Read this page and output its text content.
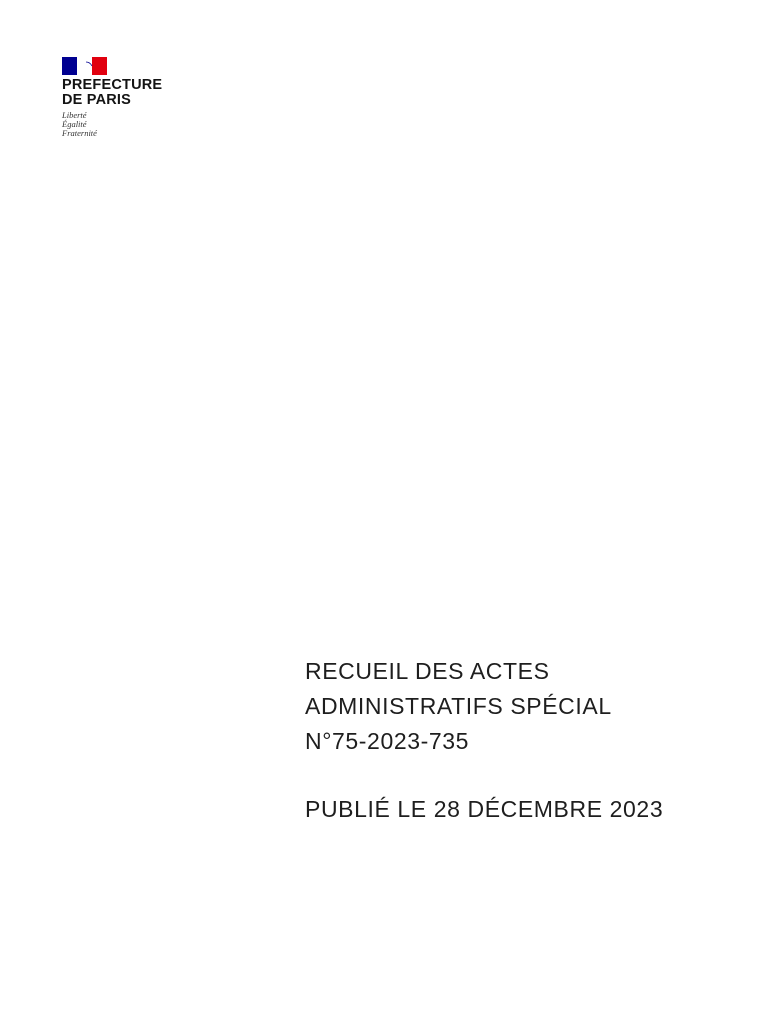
PREFECTURE
DE PARIS
Liberté
Égalité
Fraternité
RECUEIL DES ACTES
ADMINISTRATIFS SPÉCIAL
N°75-2023-735
PUBLIÉ LE 28 DÉCEMBRE 2023
